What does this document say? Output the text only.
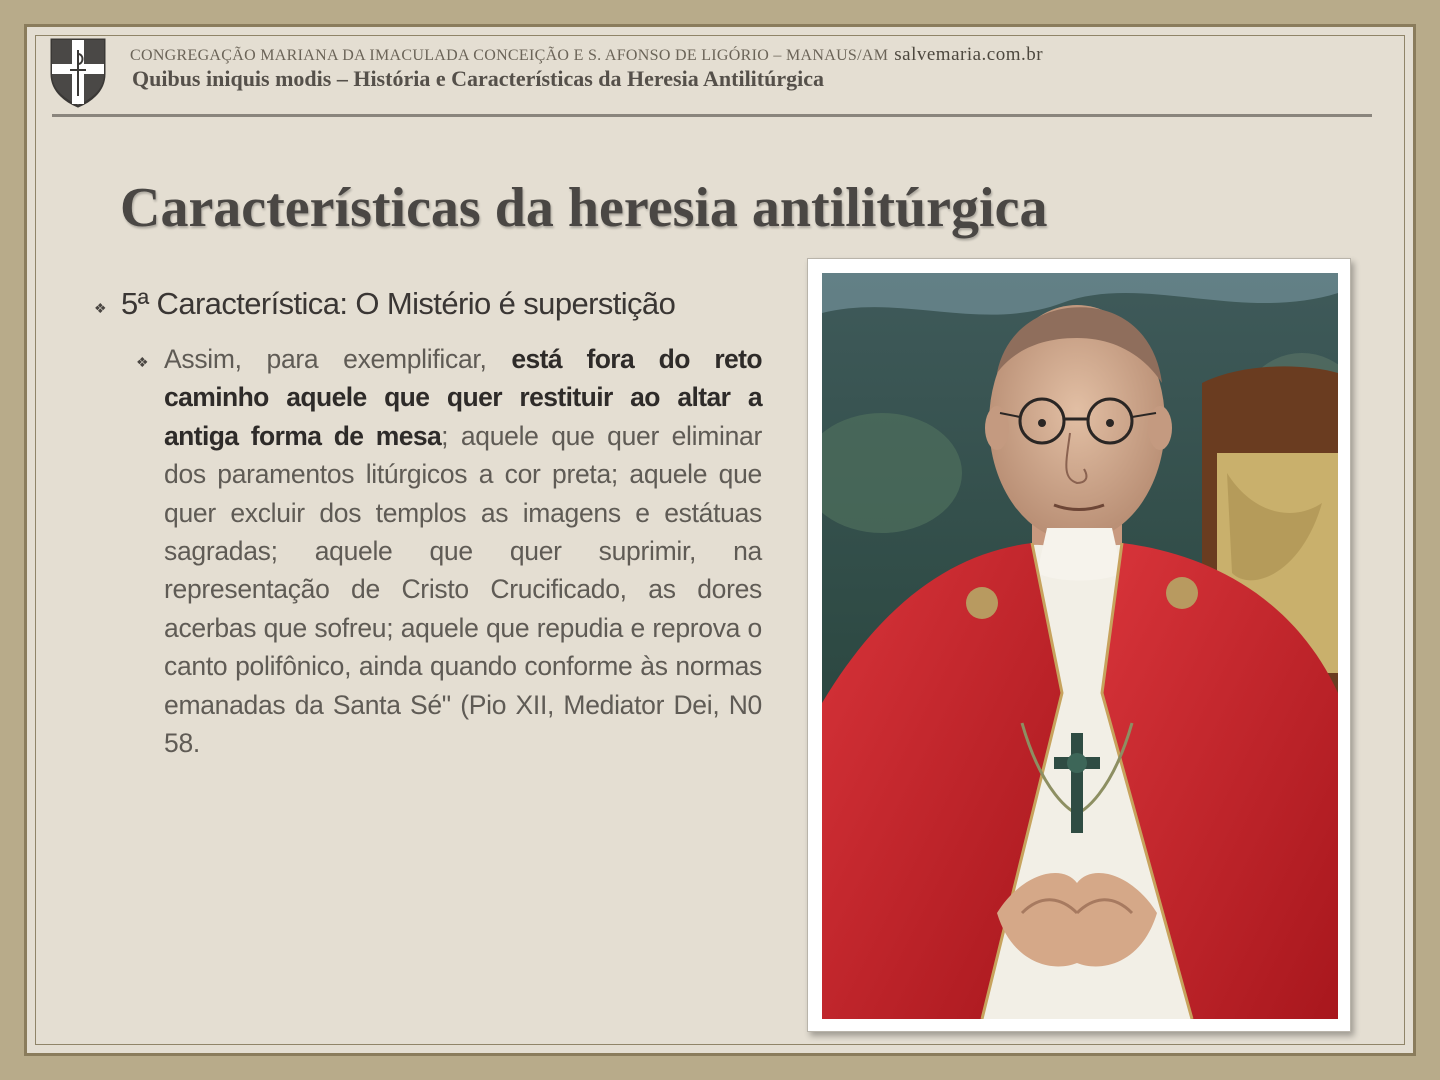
CONGREGAÇÃO MARIANA DA IMACULADA CONCEIÇÃO E S. AFONSO DE LIGÓRIO – MANAUS/AM salvemaria.com.br
Quibus iniquis modis – História e Características da Heresia Antilitúrgica
Características da heresia antilitúrgica
❖ 5ª Característica: O Mistério é superstição
❖ Assim, para exemplificar, está fora do reto caminho aquele que quer restituir ao altar a antiga forma de mesa; aquele que quer eliminar dos paramentos litúrgicos a cor preta; aquele que quer excluir dos templos as imagens e estátuas sagradas; aquele que quer suprimir, na representação de Cristo Crucificado, as dores acerbas que sofreu; aquele que repudia e reprova o canto polifônico, ainda quando conforme às normas emanadas da Santa Sé" (Pio XII, Mediator Dei, N0 58.
